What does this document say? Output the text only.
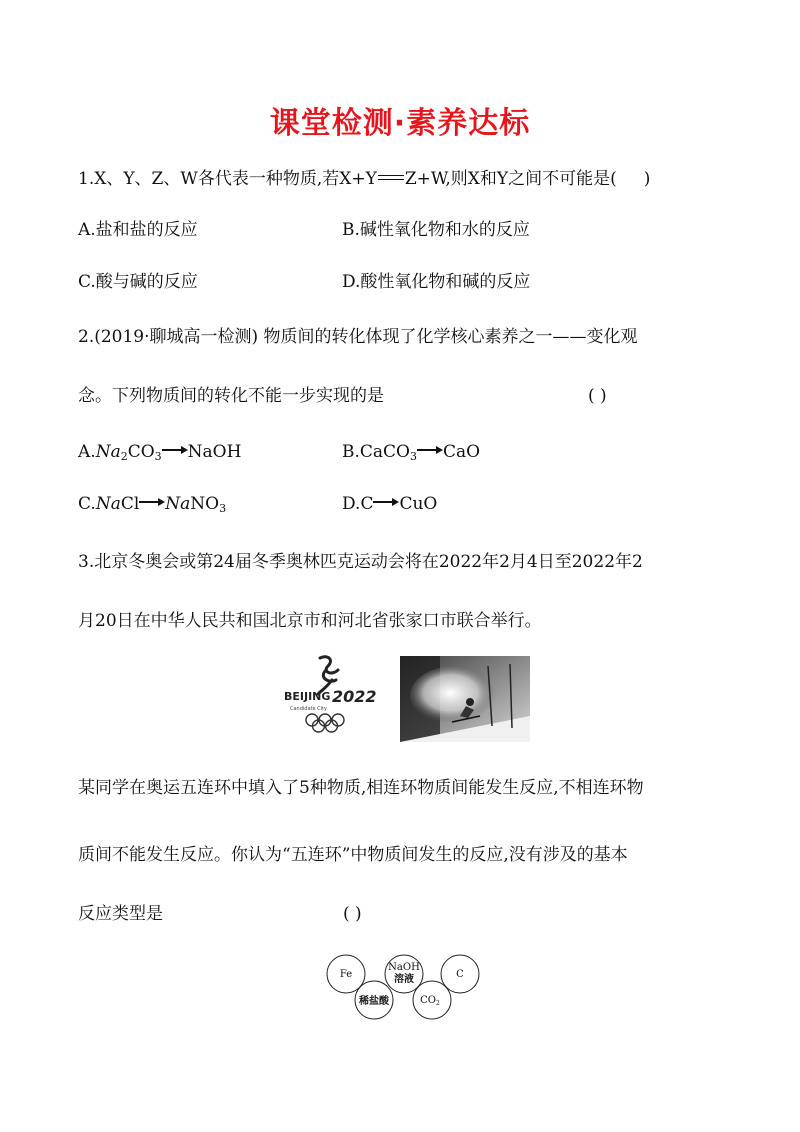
课堂检测·素养达标
1.X、Y、Z、W各代表一种物质,若X+Y Z+W,则X和Y之间不可能是( )
A.盐和盐的反应	B.碱性氧化物和水的反应
C.酸与碱的反应	D.酸性氧化物和碱的反应
2.(2019·聊城高一检测) 物质间的转化体现了化学核心素养之一——变化观
念。下列物质间的转化不能一步实现的是	( )
$A.Na_2CO_3$ NaOH	B.CaCO$_3$ CaO
C.NaCl NaNO$_3$	D.C CuO
3.北京冬奥会或第24届冬季奥林匹克运动会将在2022年2月4日至2022年2
月20日在中华人民共和国北京市和河北省张家口市联合举行。
BEIJING 2022
Candidate City
某同学在奥运五连环中填入了5种物质,相连环物质间能发生反应,不相连环物
质间不能发生反应。你认为“五连环”中物质间发生的反应,没有涉及的基本
反应类型是	( )
Fe
稀盐酸
NaOH
溶液
$CO_2$
C
